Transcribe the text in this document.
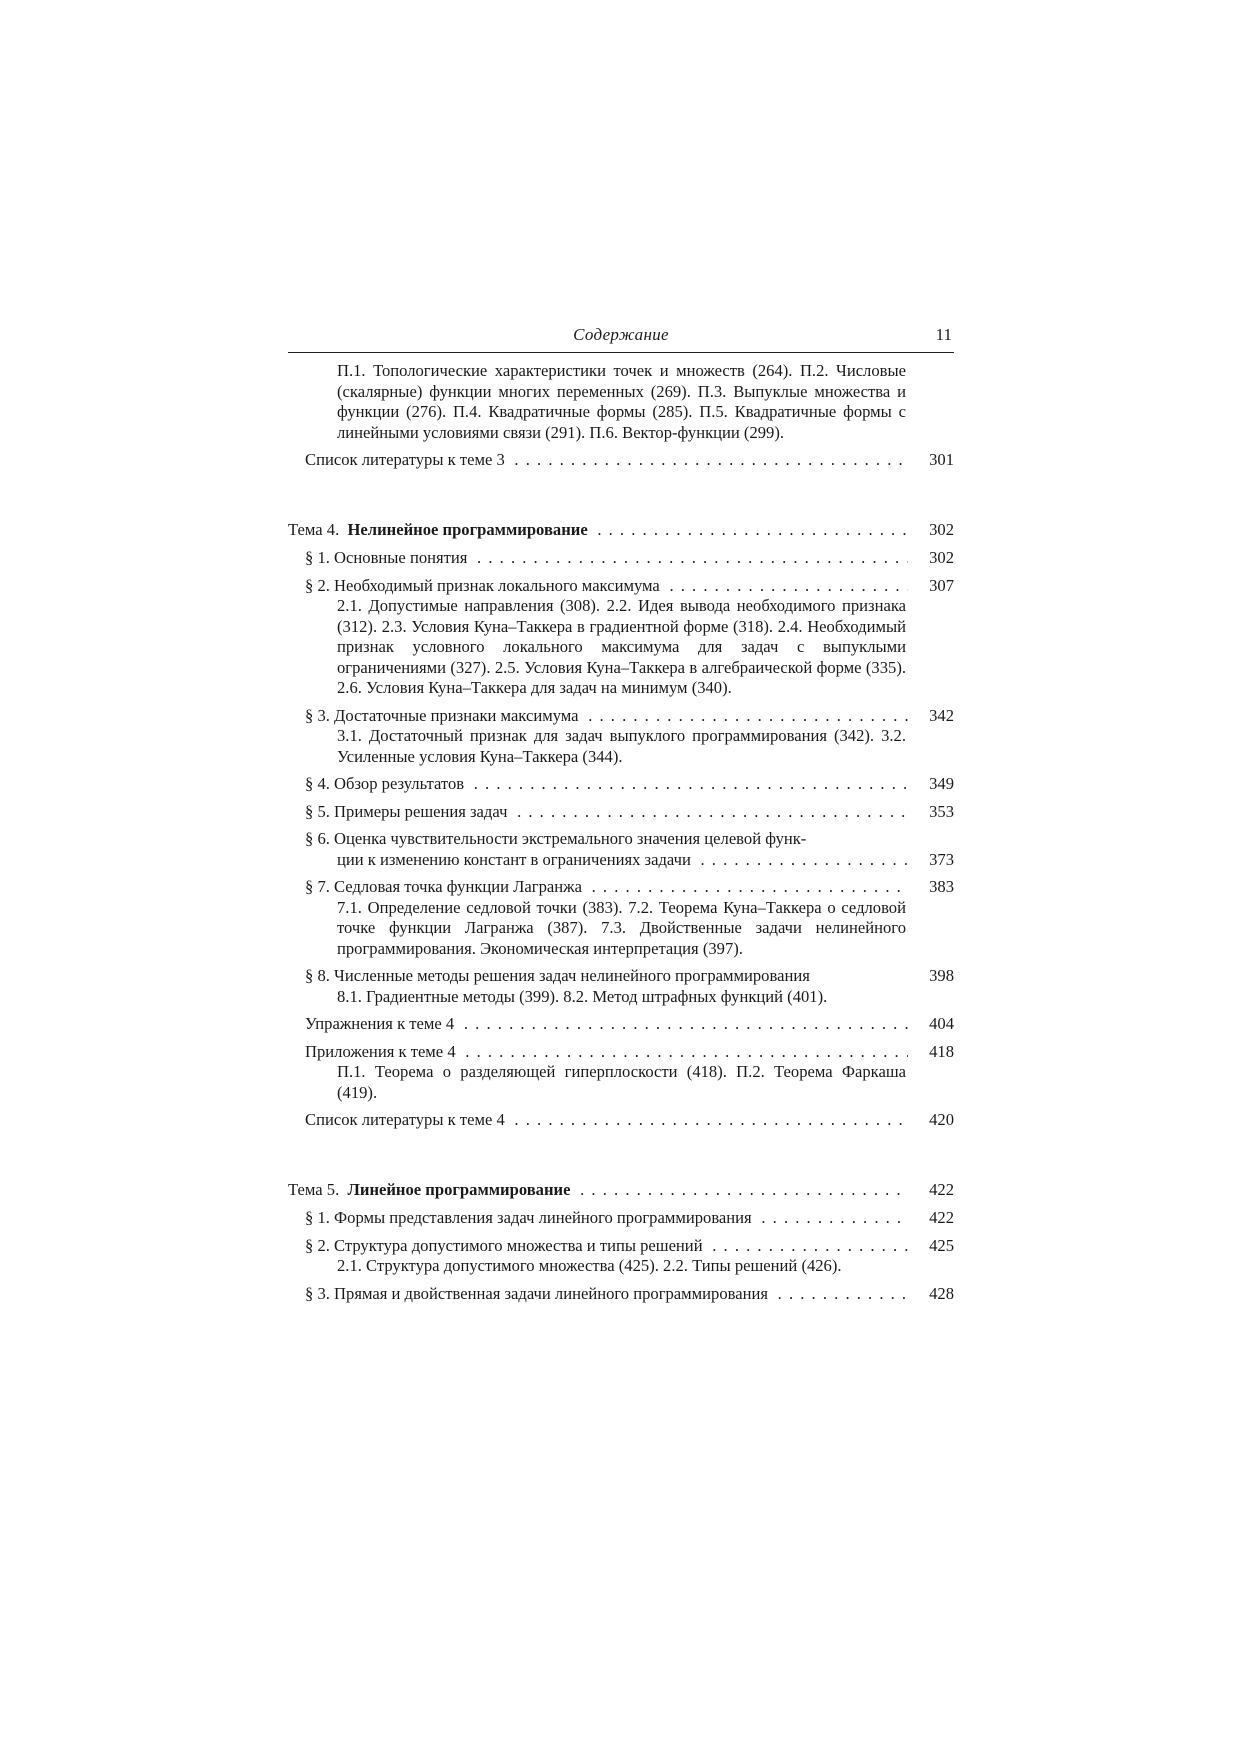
Содержание	11
П.1. Топологические характеристики точек и множеств (264). П.2. Числовые (скалярные) функции многих переменных (269). П.3. Выпуклые множества и функции (276). П.4. Квадратичные формы (285). П.5. Квадратичные формы с линейными условиями связи (291). П.6. Вектор-функции (299).
Список литературы к теме 3 . . .	301
Тема 4. Нелинейное программирование . . .	302
§ 1. Основные понятия . . .	302
§ 2. Необходимый признак локального максимума . . .	307
2.1. Допустимые направления (308). 2.2. Идея вывода необходимого признака (312). 2.3. Условия Куна–Таккера в градиентной форме (318). 2.4. Необходимый признак условного локального максимума для задач с выпуклыми ограничениями (327). 2.5. Условия Куна–Таккера в алгебраической форме (335). 2.6. Условия Куна–Таккера для задач на минимум (340).
§ 3. Достаточные признаки максимума . . .	342
3.1. Достаточный признак для задач выпуклого программирования (342). 3.2. Усиленные условия Куна–Таккера (344).
§ 4. Обзор результатов . . .	349
§ 5. Примеры решения задач . . .	353
§ 6. Оценка чувствительности экстремального значения целевой функ-
ции к изменению констант в ограничениях задачи . . .	373
§ 7. Седловая точка функции Лагранжа . . .	383
7.1. Определение седловой точки (383). 7.2. Теорема Куна–Таккера о седловой точке функции Лагранжа (387). 7.3. Двойственные задачи нелинейного программирования. Экономическая интерпретация (397).
§ 8. Численные методы решения задач нелинейного программирования	398
8.1. Градиентные методы (399). 8.2. Метод штрафных функций (401).
Упражнения к теме 4 . . .	404
Приложения к теме 4 . . .	418
П.1. Теорема о разделяющей гиперплоскости (418). П.2. Теорема Фаркаша (419).
Список литературы к теме 4 . . .	420
Тема 5. Линейное программирование . . .	422
§ 1. Формы представления задач линейного программирования . . .	422
§ 2. Структура допустимого множества и типы решений . . .	425
2.1. Структура допустимого множества (425). 2.2. Типы решений (426).
§ 3. Прямая и двойственная задачи линейного программирования . . .	428
